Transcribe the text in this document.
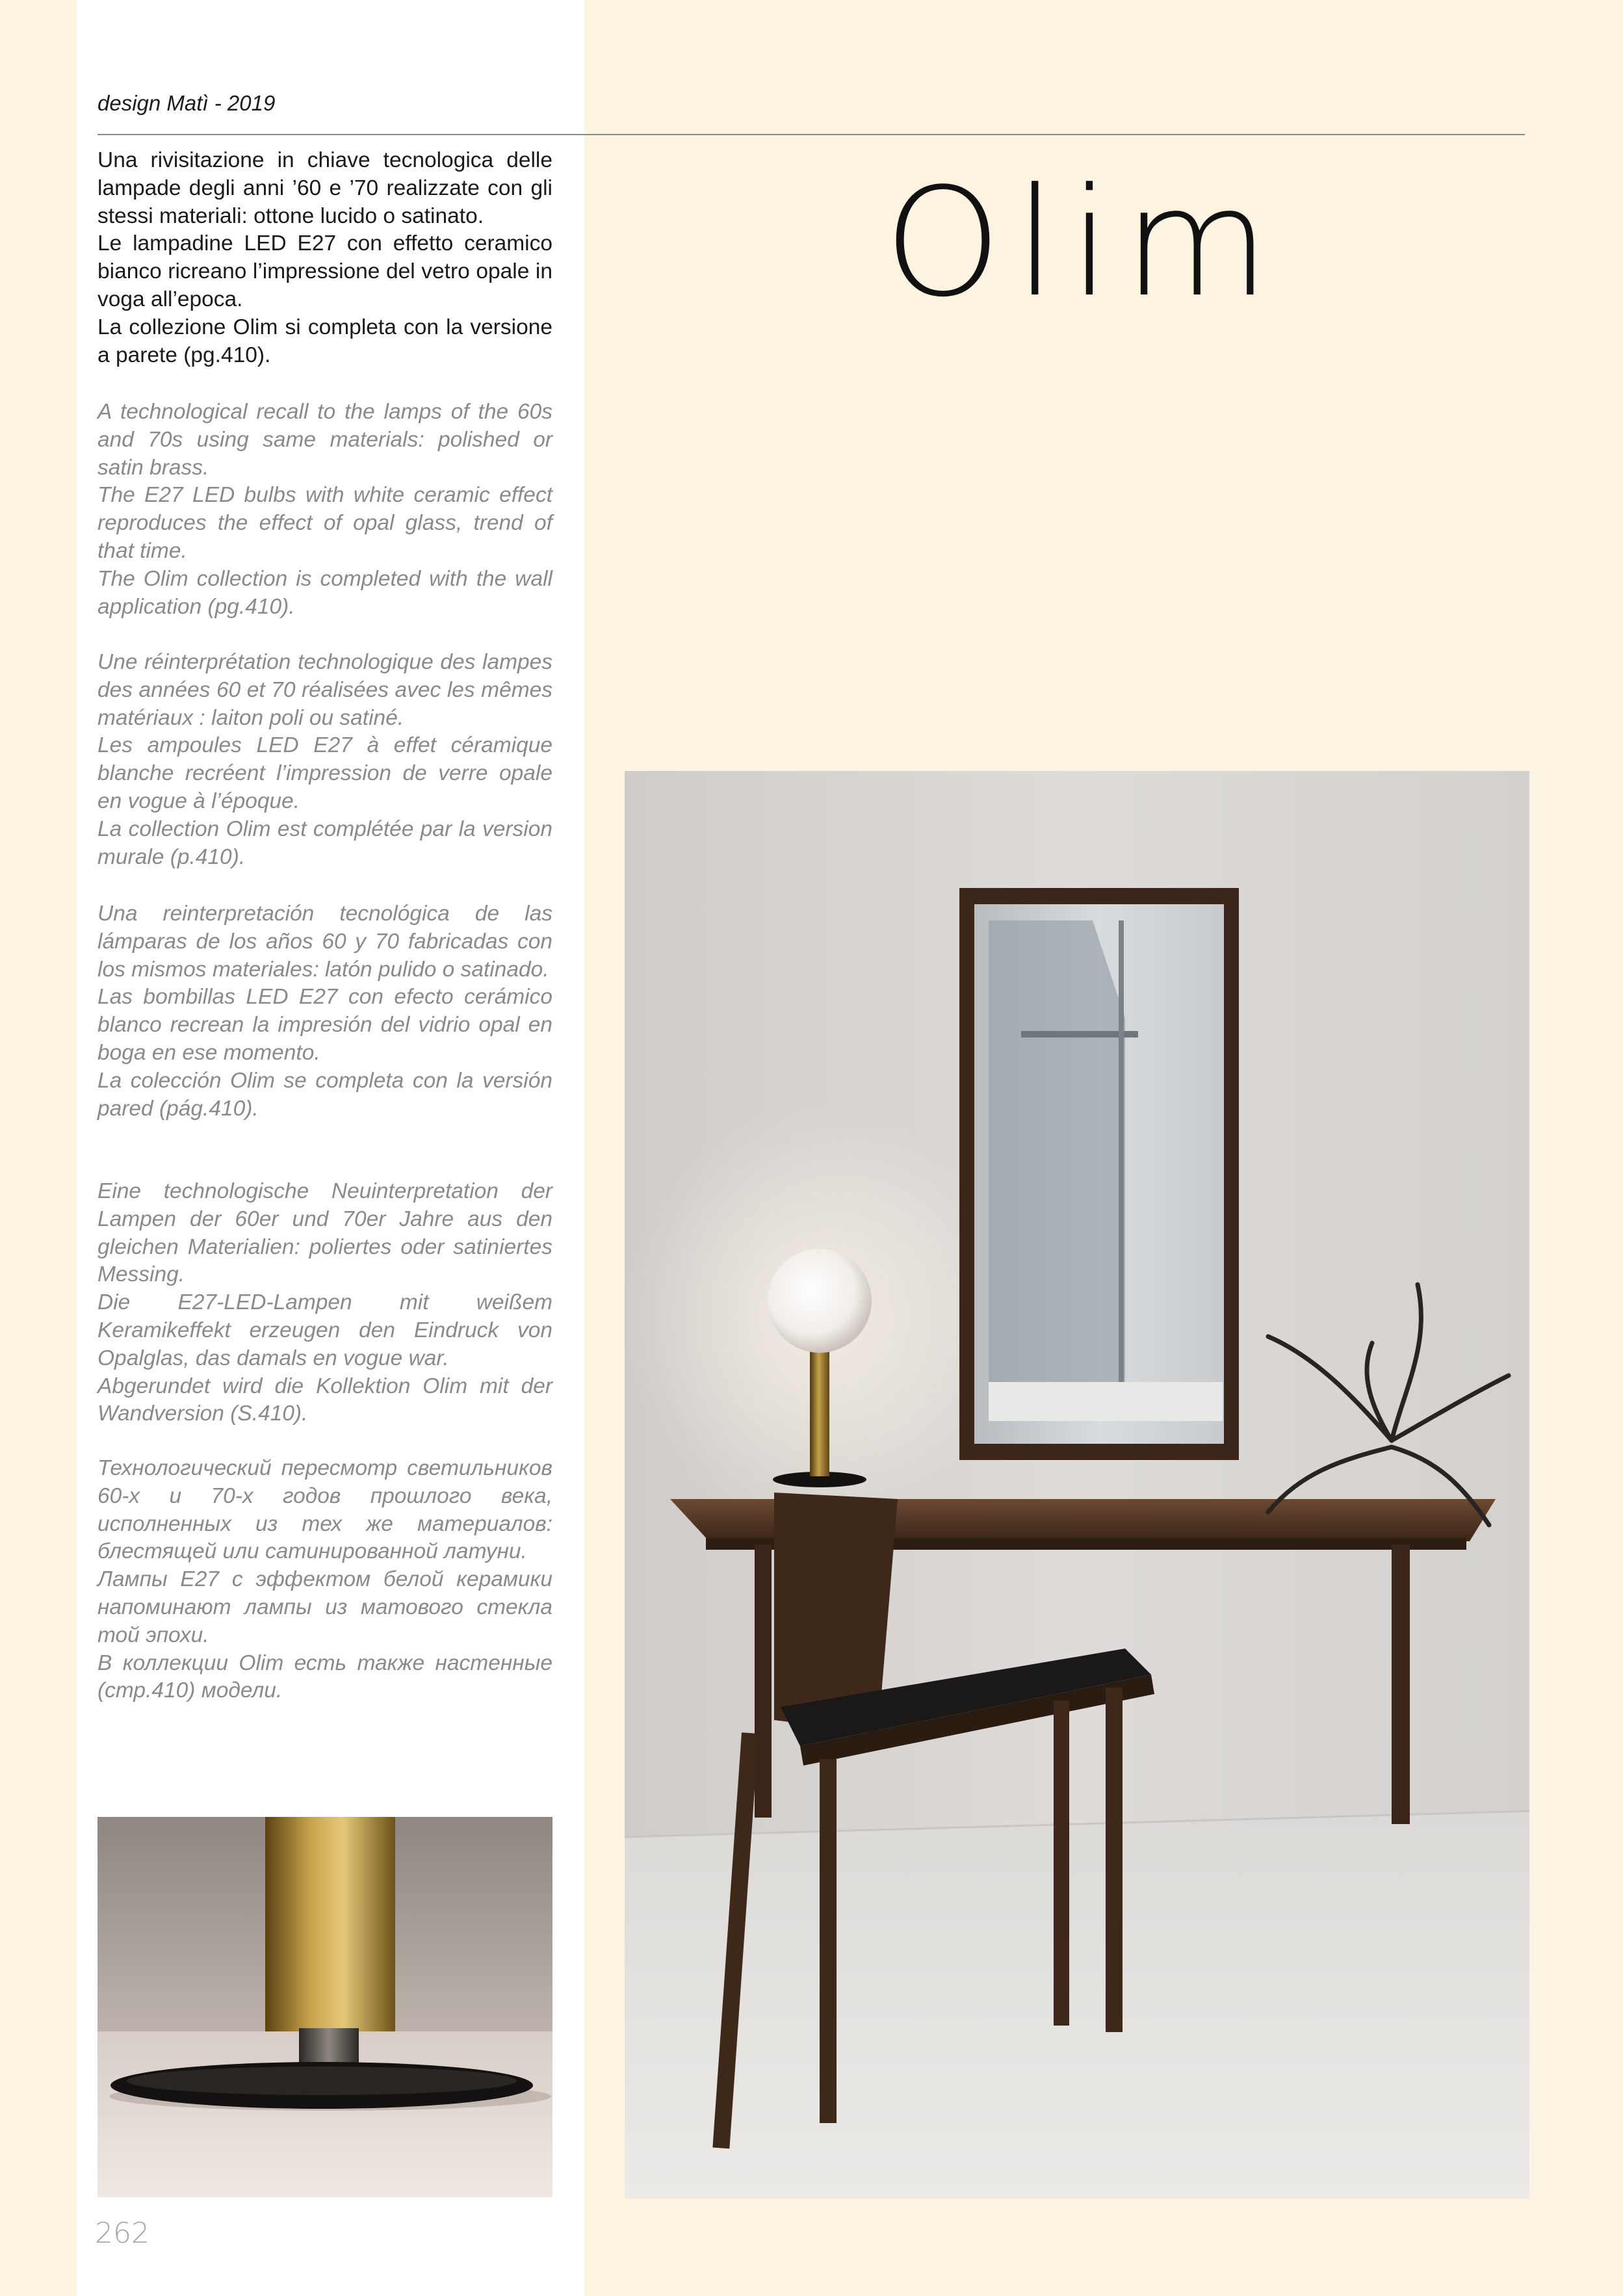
design Matì - 2019
Olim

Una rivisitazione in chiave tecnologica delle lampade degli anni ’60 e ’70 realizzate con gli stessi materiali: ottone lucido o satinato.

Le lampadine LED E27 con effetto ceramico bianco ricreano l’impressione del vetro opale in voga all’epoca.

La collezione Olim si completa con la versione a parete (pg.410).

A technological recall to the lamps of the 60s and 70s using same materials: polished or satin brass.

The E27 LED bulbs with white ceramic effect reproduces the effect of opal glass, trend of that time.

The Olim collection is completed with the wall application (pg.410).

Une réinterprétation technologique des lampes des années 60 et 70 réalisées avec les mêmes matériaux : laiton poli ou satiné.

Les ampoules LED E27 à effet céramique blanche recréent l’impression de verre opale en vogue à l’époque.

La collection Olim est complétée par la version murale (p.410).

Una reinterpretación tecnológica de las lámparas de los años 60 y 70 fabricadas con los mismos materiales: latón pulido o satinado.

Las bombillas LED E27 con efecto cerámico blanco recrean la impresión del vidrio opal en boga en ese momento.

La colección Olim se completa con la versión pared (pág.410).

Eine technologische Neuinterpretation der Lampen der 60er und 70er Jahre aus den gleichen Materialien: poliertes oder satiniertes Messing.

Die E27-LED-Lampen mit weißem Keramikeffekt erzeugen den Eindruck von Opalglas, das damals en vogue war.

Abgerundet wird die Kollektion Olim mit der Wandversion (S.410).

Технологический пересмотр светильников 60-х и 70-х годов прошлого века, исполненных из тех же материалов: блестящей или сатинированной латуни.

Лампы E27 с эффектом белой керамики напоминают лампы из матового стекла той эпохи.

В коллекции Olim есть также настенные (стр.410) модели.

262
